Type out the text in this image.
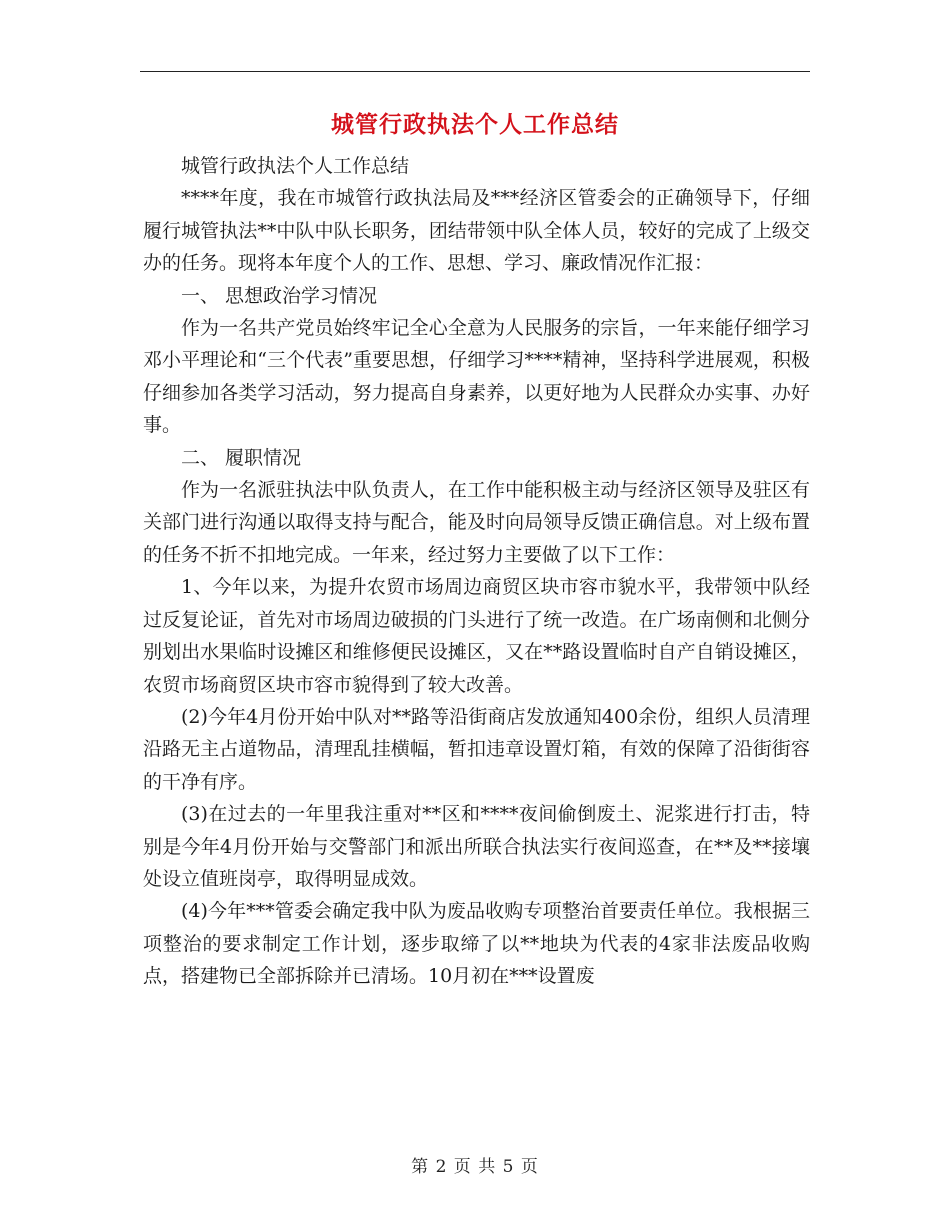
城管行政执法个人工作总结

城管行政执法个人工作总结

****年度，我在市城管行政执法局及***经济区管委会的正确领导下，仔细履行城管执法**中队中队长职务，团结带领中队全体人员，较好的完成了上级交办的任务。现将本年度个人的工作、思想、学习、廉政情况作汇报：

一、 思想政治学习情况

作为一名共产党员始终牢记全心全意为人民服务的宗旨，一年来能仔细学习邓小平理论和“三个代表”重要思想，仔细学习****精神，坚持科学进展观，积极仔细参加各类学习活动，努力提高自身素养，以更好地为人民群众办实事、办好事。

二、 履职情况

作为一名派驻执法中队负责人，在工作中能积极主动与经济区领导及驻区有关部门进行沟通以取得支持与配合，能及时向局领导反馈正确信息。对上级布置的任务不折不扣地完成。一年来，经过努力主要做了以下工作：

1、今年以来，为提升农贸市场周边商贸区块市容市貌水平，我带领中队经过反复论证，首先对市场周边破损的门头进行了统一改造。在广场南侧和北侧分别划出水果临时设摊区和维修便民设摊区，又在**路设置临时自产自销设摊区，农贸市场商贸区块市容市貌得到了较大改善。

(2)今年4月份开始中队对**路等沿街商店发放通知400余份，组织人员清理沿路无主占道物品，清理乱挂横幅，暂扣违章设置灯箱，有效的保障了沿街街容的干净有序。

(3)在过去的一年里我注重对**区和****夜间偷倒废土、泥浆进行打击，特别是今年4月份开始与交警部门和派出所联合执法实行夜间巡查，在**及**接壤处设立值班岗亭，取得明显成效。

(4)今年***管委会确定我中队为废品收购专项整治首要责任单位。我根据三项整治的要求制定工作计划，逐步取缔了以**地块为代表的4家非法废品收购点，搭建物已全部拆除并已清场。10月初在***设置废

第 2 页 共 5 页
